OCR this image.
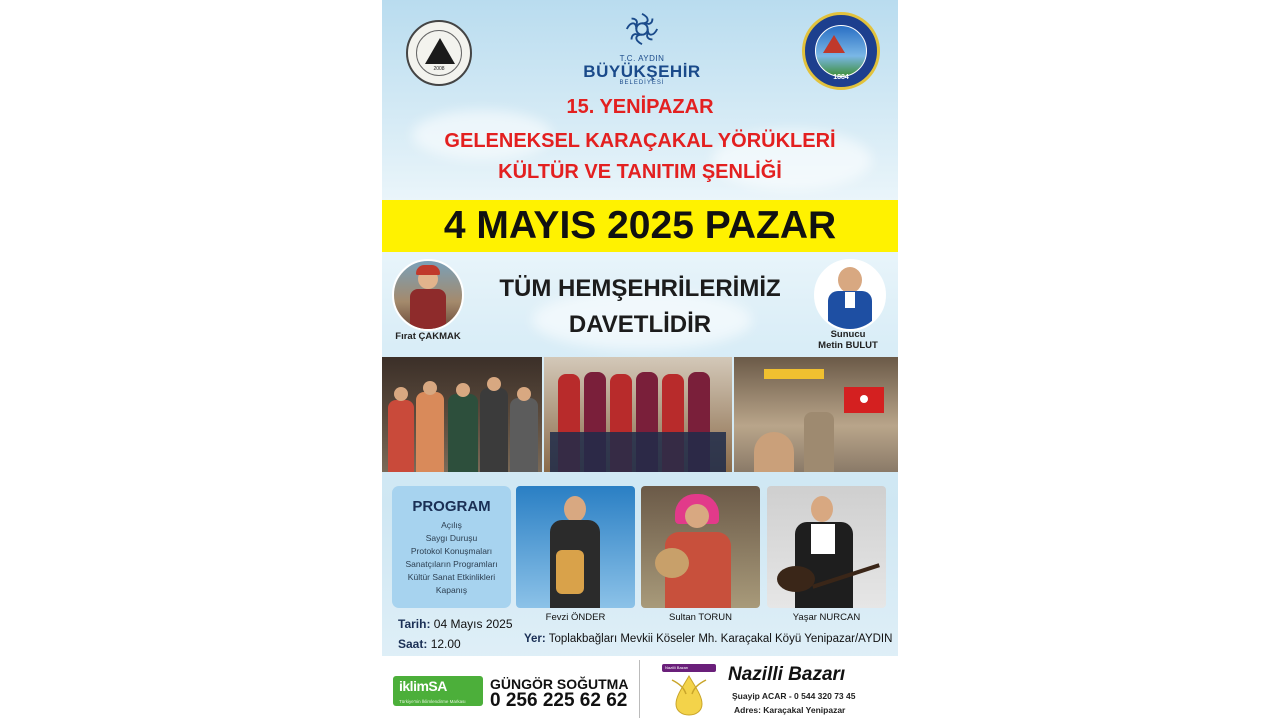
2008
T.C. AYDIN
BÜYÜKŞEHİR
BELEDİYESİ
1884
15. YENİPAZAR
GELENEKSEL KARAÇAKAL YÖRÜKLERİ
KÜLTÜR VE TANITIM ŞENLİĞİ
4 MAYIS 2025 PAZAR
Fırat ÇAKMAK
TÜM HEMŞEHRİLERİMİZ
DAVETLİDİR	Sunucu
Metin BULUT
PROGRAM
Açılış
Saygı Duruşu
Protokol Konuşmaları
Sanatçıların Programları
Kültür Sanat Etkinlikleri
Kapanış
Fevzi ÖNDER	Sultan TORUN	Yaşar NURCAN
Tarih: 04 Mayıs 2025
Saat: 12.00	Yer: Toplakbağları Mevkii Köseler Mh. Karaçakal Köyü Yenipazar/AYDIN
iklimSA
Türkiye'nin İklimlendirme Markası
GÜNGÖR SOĞUTMA
0 256 225 62 62
Nazilli Bazarı Nazilli Bazarı
Şuayip ACAR - 0 544 320 73 45
Adres: Karaçakal Yenipazar
